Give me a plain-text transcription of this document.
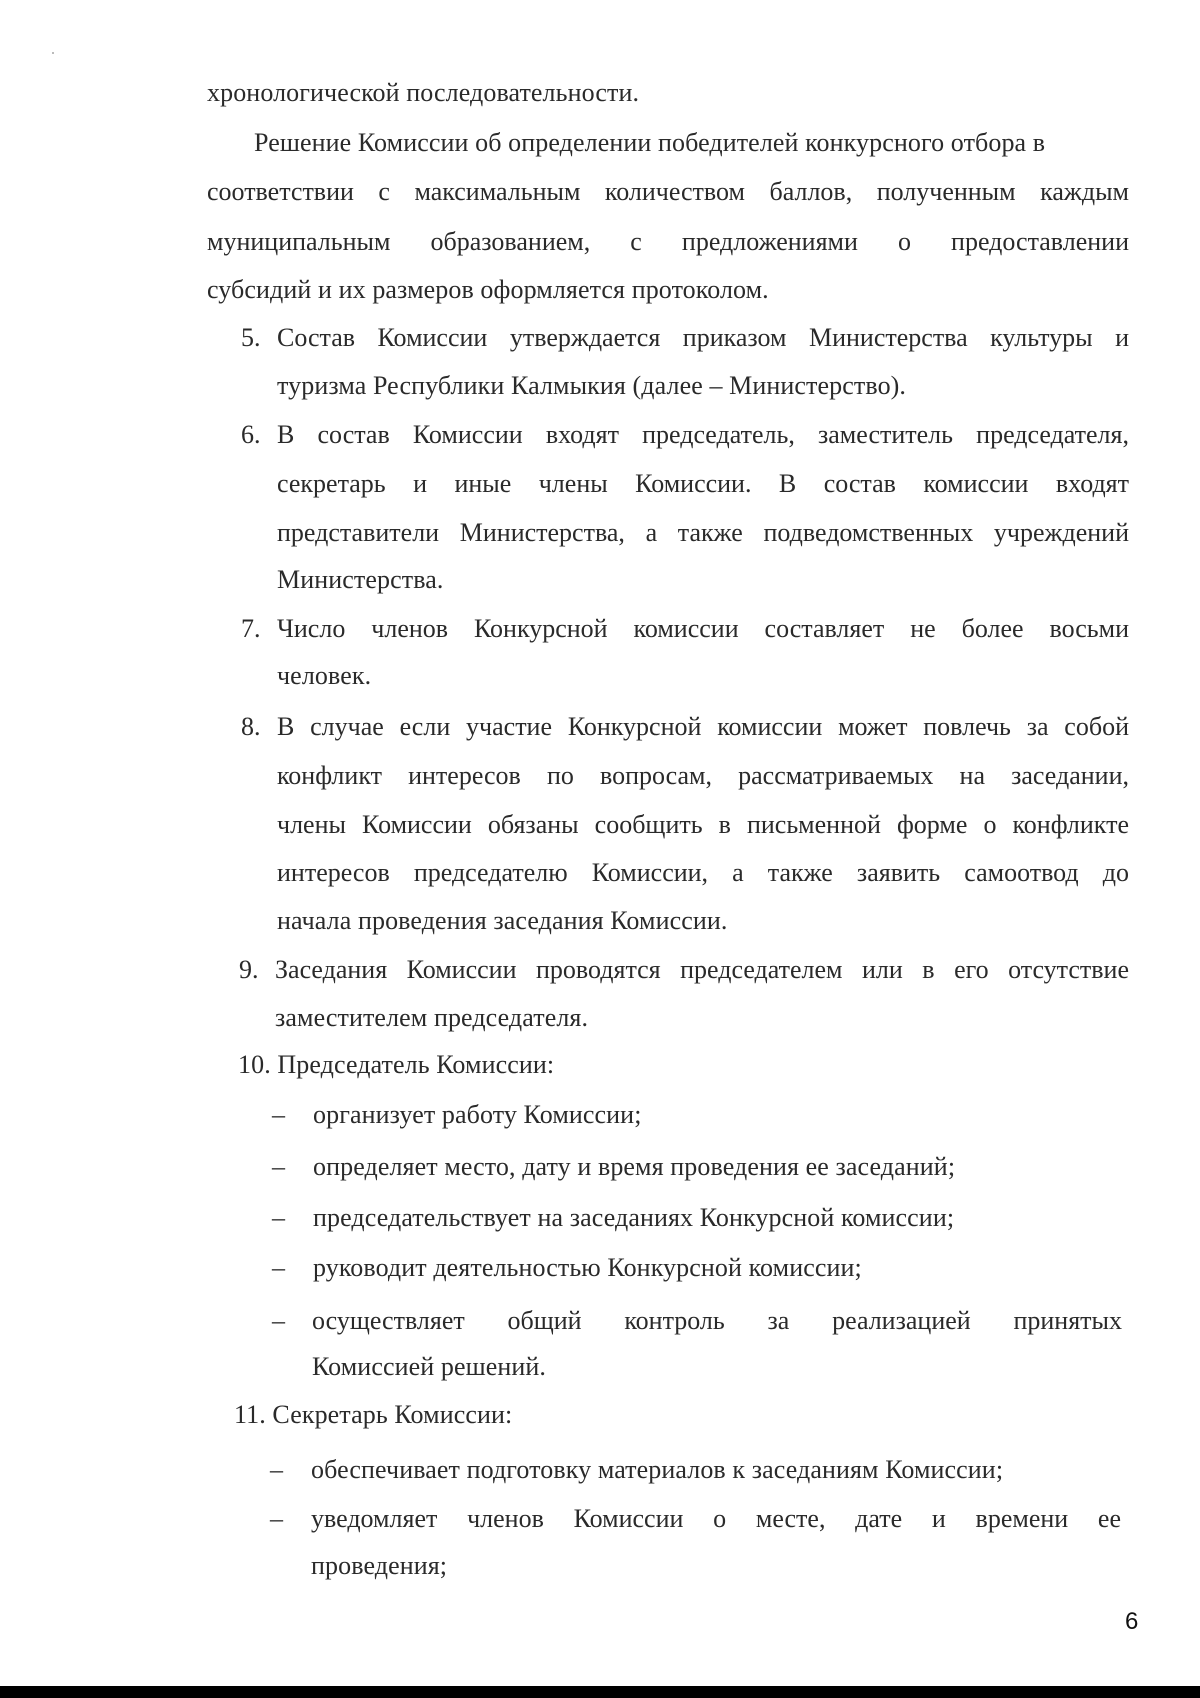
хронологической последовательности.
Решение Комиссии об определении победителей конкурсного отбора в
соответствии с максимальным количеством баллов, полученным каждым
муниципальным образованием, с предложениями о предоставлении
субсидий и их размеров оформляется протоколом.
5. Состав Комиссии утверждается приказом Министерства культуры и
туризма Республики Калмыкия (далее – Министерство).
6. В состав Комиссии входят председатель, заместитель председателя,
секретарь и иные члены Комиссии. В состав комиссии входят
представители Министерства, а также подведомственных учреждений
Министерства.
7. Число членов Конкурсной комиссии составляет не более восьми
человек.
8. В случае если участие Конкурсной комиссии может повлечь за собой
конфликт интересов по вопросам, рассматриваемых на заседании,
члены Комиссии обязаны сообщить в письменной форме о конфликте
интересов председателю Комиссии, а также заявить самоотвод до
начала проведения заседания Комиссии.
9. Заседания Комиссии проводятся председателем или в его отсутствие
заместителем председателя.
10. Председатель Комиссии:
– организует работу Комиссии;
– определяет место, дату и время проведения ее заседаний;
– председательствует на заседаниях Конкурсной комиссии;
– руководит деятельностью Конкурсной комиссии;
– осуществляет общий контроль за реализацией принятых
Комиссией решений.
11. Секретарь Комиссии:
– обеспечивает подготовку материалов к заседаниям Комиссии;
– уведомляет членов Комиссии о месте, дате и времени ее
проведения;
6
